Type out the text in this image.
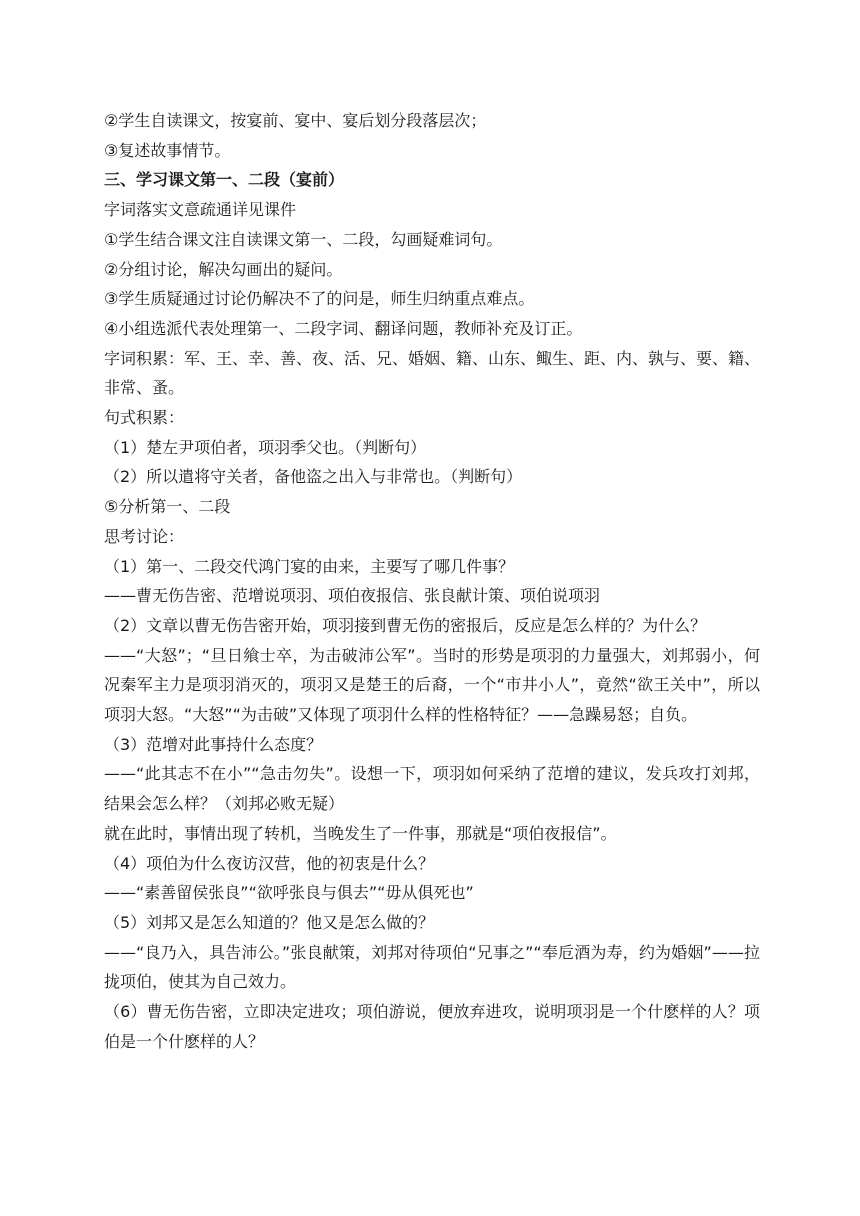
②学生自读课文，按宴前、宴中、宴后划分段落层次；

③复述故事情节。

三、学习课文第一、二段（宴前）

字词落实文意疏通详见课件

①学生结合课文注自读课文第一、二段，勾画疑难词句。

②分组讨论，解决勾画出的疑问。

③学生质疑通过讨论仍解决不了的问是，师生归纳重点难点。

④小组选派代表处理第一、二段字词、翻译问题，教师补充及订正。

字词积累：军、王、幸、善、夜、活、兄、婚姻、籍、山东、鲰生、距、内、孰与、要、籍、非常、蚤。

句式积累：

（1）楚左尹项伯者，项羽季父也。（判断句）

（2）所以遣将守关者，备他盗之出入与非常也。（判断句）

⑤分析第一、二段

思考讨论：

（1）第一、二段交代鸿门宴的由来，主要写了哪几件事？

——曹无伤告密、范增说项羽、项伯夜报信、张良献计策、项伯说项羽

（2）文章以曹无伤告密开始，项羽接到曹无伤的密报后，反应是怎么样的？为什么？

——“大怒”；“旦日飨士卒，为击破沛公军”。当时的形势是项羽的力量强大，刘邦弱小，何况秦军主力是项羽消灭的，项羽又是楚王的后裔，一个“市井小人”，竟然“欲王关中”，所以项羽大怒。“大怒”“为击破”又体现了项羽什么样的性格特征？——急躁易怒；自负。

（3）范增对此事持什么态度？

——“此其志不在小”“急击勿失”。设想一下，项羽如何采纳了范增的建议，发兵攻打刘邦，结果会怎么样？（刘邦必败无疑）

就在此时，事情出现了转机，当晚发生了一件事，那就是“项伯夜报信”。

（4）项伯为什么夜访汉营，他的初衷是什么？

——“素善留侯张良”“欲呼张良与俱去”“毋从俱死也”

（5）刘邦又是怎么知道的？他又是怎么做的？

——“良乃入，具告沛公。”张良献策，刘邦对待项伯“兄事之”“奉卮酒为寿，约为婚姻”——拉拢项伯，使其为自己效力。

（6）曹无伤告密，立即决定进攻；项伯游说，便放弃进攻，说明项羽是一个什麽样的人？项伯是一个什麽样的人？
